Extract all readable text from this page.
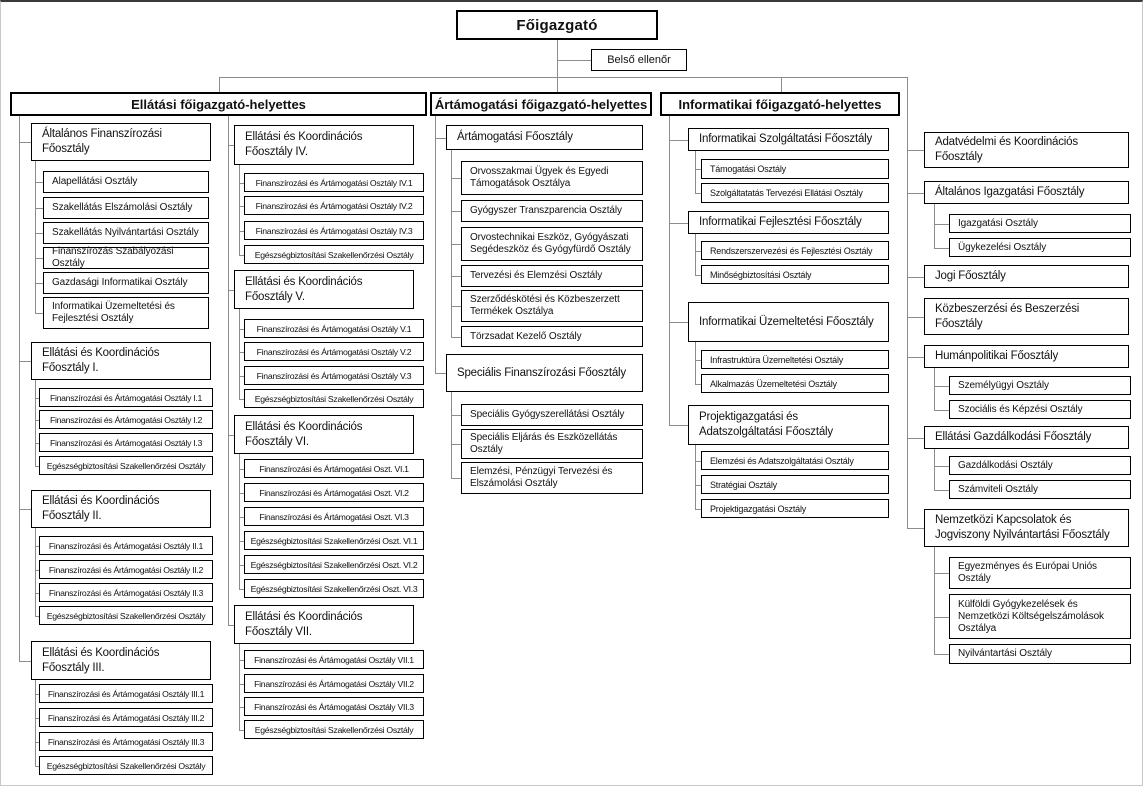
Főigazgató
Belső ellenőr
Ellátási főigazgató-helyettes	Ártámogatási főigazgató-helyettes	Informatikai főigazgató-helyettes
Általános Finanszírozási Főosztály
Alapellátási Osztály
Szakellátás Elszámolási Osztály
Szakellátás Nyilvántartási Osztály
Finanszírozás Szabályozási Osztály
Gazdasági Informatikai Osztály
Informatikai Üzemeltetési és Fejlesztési Osztály
Ellátási és Koordinációs Főosztály I.
Finanszírozási és Ártámogatási Osztály I.1
Finanszírozási és Ártámogatási Osztály I.2
Finanszírozási és Ártámogatási Osztály I.3
Egészségbiztosítási Szakellenőrzési Osztály
Ellátási és Koordinációs Főosztály II.
Finanszírozási és Ártámogatási Osztály II.1
Finanszírozási és Ártámogatási Osztály II.2
Finanszírozási és Ártámogatási Osztály II.3
Egészségbiztosítási Szakellenőrzési Osztály
Ellátási és Koordinációs Főosztály III.
Finanszírozási és Ártámogatási Osztály III.1
Finanszírozási és Ártámogatási Osztály III.2
Finanszírozási és Ártámogatási Osztály III.3
Egészségbiztosítási Szakellenőrzési Osztály
Ellátási és Koordinációs Főosztály IV.
Finanszírozási és Ártámogatási Osztály IV.1
Finanszírozási és Ártámogatási Osztály IV.2
Finanszírozási és Ártámogatási Osztály IV.3
Egészségbiztosítási Szakellenőrzési Osztály
Ellátási és Koordinációs Főosztály V.
Finanszírozási és Ártámogatási Osztály V.1
Finanszírozási és Ártámogatási Osztály V.2
Finanszírozási és Ártámogatási Osztály V.3
Egészségbiztosítási Szakellenőrzési Osztály
Ellátási és Koordinációs Főosztály VI.
Finanszírozási és Ártámogatási Oszt. VI.1
Finanszírozási és Ártámogatási Oszt. VI.2
Finanszírozási és Ártámogatási Oszt. VI.3
Egészségbiztosítási Szakellenőrzési Oszt. VI.1
Egészségbiztosítási Szakellenőrzési Oszt. VI.2
Egészségbiztosítási Szakellenőrzési Oszt. VI.3
Ellátási és Koordinációs Főosztály VII.
Finanszírozási és Ártámogatási Osztály VII.1
Finanszírozási és Ártámogatási Osztály VII.2
Finanszírozási és Ártámogatási Osztály VII.3
Egészségbiztosítási Szakellenőrzési Osztály
Ártámogatási Főosztály
Orvosszakmai Ügyek és Egyedi Támogatások Osztálya
Gyógyszer Transzparencia Osztály
Orvostechnikai Eszköz, Gyógyászati Segédeszköz és Gyógyfürdő Osztály
Tervezési és Elemzési Osztály
Szerződéskötési és Közbeszerzett Termékek Osztálya
Törzsadat Kezelő Osztály
Speciális Finanszírozási Főosztály
Speciális Gyógyszerellátási Osztály
Speciális Eljárás és Eszközellátás Osztály
Elemzési, Pénzügyi Tervezési és Elszámolási Osztály
Informatikai Szolgáltatási Főosztály
Támogatási Osztály
Szolgáltatatás Tervezési Ellátási Osztály
Informatikai Fejlesztési Főosztály
Rendszerszervezési és Fejlesztési Osztály
Minőségbiztosítási Osztály
Informatikai Üzemeltetési Főosztály
Infrastruktúra Üzemeltetési Osztály
Alkalmazás Üzemeltetési Osztály
Projektigazgatási és Adatszolgáltatási Főosztály
Elemzési és Adatszolgáltatási Osztály
Stratégiai Osztály
Projektigazgatási Osztály
Adatvédelmi és Koordinációs Főosztály
Általános Igazgatási Főosztály
Igazgatási Osztály
Ügykezelési Osztály
Jogi Főosztály
Közbeszerzési és Beszerzési Főosztály
Humánpolitikai Főosztály
Személyügyi Osztály
Szociális és Képzési Osztály
Ellátási Gazdálkodási Főosztály
Gazdálkodási Osztály
Számviteli Osztály
Nemzetközi Kapcsolatok és Jogviszony Nyilvántartási Főosztály
Egyezményes és Európai Uniós Osztály
Külföldi Gyógykezelések és Nemzetközi Költségelszámolások Osztálya
Nyilvántartási Osztály
